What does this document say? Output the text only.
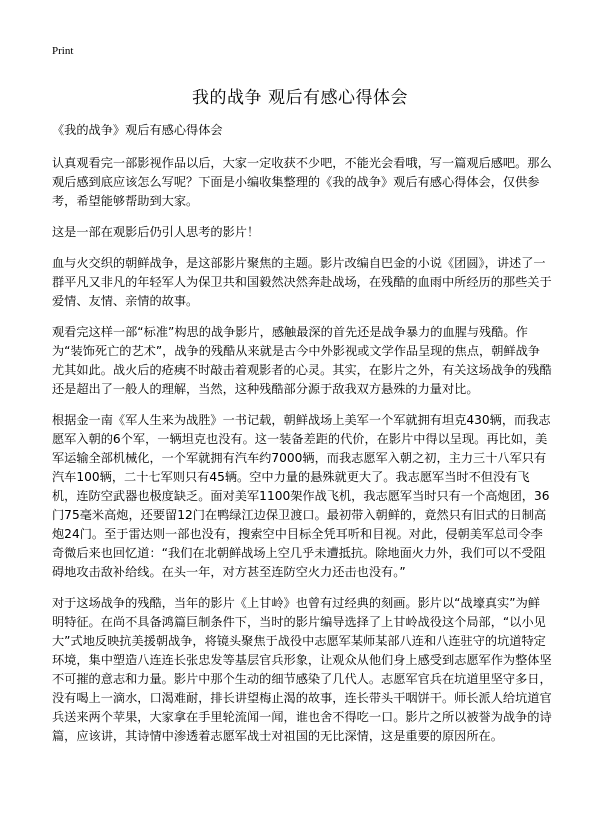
Print
我的战争 观后有感心得体会

《我的战争》观后有感心得体会

认真观看完一部影视作品以后，大家一定收获不少吧，不能光会看哦，写一篇观后感吧。那么观后感到底应该怎么写呢？下面是小编收集整理的《我的战争》观后有感心得体会，仅供参考，希望能够帮助到大家。

这是一部在观影后仍引人思考的影片！

血与火交织的朝鲜战争，是这部影片聚焦的主题。影片改编自巴金的小说《团圆》，讲述了一群平凡又非凡的年轻军人为保卫共和国毅然决然奔赴战场，在残酷的血雨中所经历的那些关于爱情、友情、亲情的故事。

观看完这样一部“标准”构思的战争影片，感触最深的首先还是战争暴力的血腥与残酷。作为“装饰死亡的艺术”，战争的残酷从来就是古今中外影视或文学作品呈现的焦点，朝鲜战争尤其如此。战火后的疮痍不时敲击着观影者的心灵。其实，在影片之外，有关这场战争的残酷还是超出了一般人的理解，当然，这种残酷部分源于敌我双方悬殊的力量对比。

根据金一南《军人生来为战胜》一书记载，朝鲜战场上美军一个军就拥有坦克430辆，而我志愿军入朝的6个军，一辆坦克也没有。这一装备差距的代价，在影片中得以呈现。再比如，美军运输全部机械化，一个军就拥有汽车约7000辆，而我志愿军入朝之初，主力三十八军只有汽车100辆，二十七军则只有45辆。空中力量的悬殊就更大了。我志愿军当时不但没有飞机，连防空武器也极度缺乏。面对美军1100架作战飞机，我志愿军当时只有一个高炮团，36门75毫米高炮，还要留12门在鸭绿江边保卫渡口。最初带入朝鲜的，竟然只有旧式的日制高炮24门。至于雷达则一部也没有，搜索空中目标全凭耳听和目视。对此，侵朝美军总司令李奇微后来也回忆道：“我们在北朝鲜战场上空几乎未遭抵抗。除地面火力外，我们可以不受阻碍地攻击敌补给线。在头一年，对方甚至连防空火力还击也没有。”

对于这场战争的残酷，当年的影片《上甘岭》也曾有过经典的刻画。影片以“战壕真实”为鲜明特征。在尚不具备鸿篇巨制条件下，当时的影片编导选择了上甘岭战役这个局部，“以小见大”式地反映抗美援朝战争，将镜头聚焦于战役中志愿军某师某部八连和八连驻守的坑道特定环境，集中塑造八连连长张忠发等基层官兵形象，让观众从他们身上感受到志愿军作为整体坚不可摧的意志和力量。影片中那个生动的细节感染了几代人。志愿军官兵在坑道里坚守多日，没有喝上一滴水，口渴难耐，排长讲望梅止渴的故事，连长带头干咽饼干。师长派人给坑道官兵送来两个苹果，大家拿在手里轮流闻一闻，谁也舍不得吃一口。影片之所以被誉为战争的诗篇，应该讲，其诗情中渗透着志愿军战士对祖国的无比深情，这是重要的原因所在。
